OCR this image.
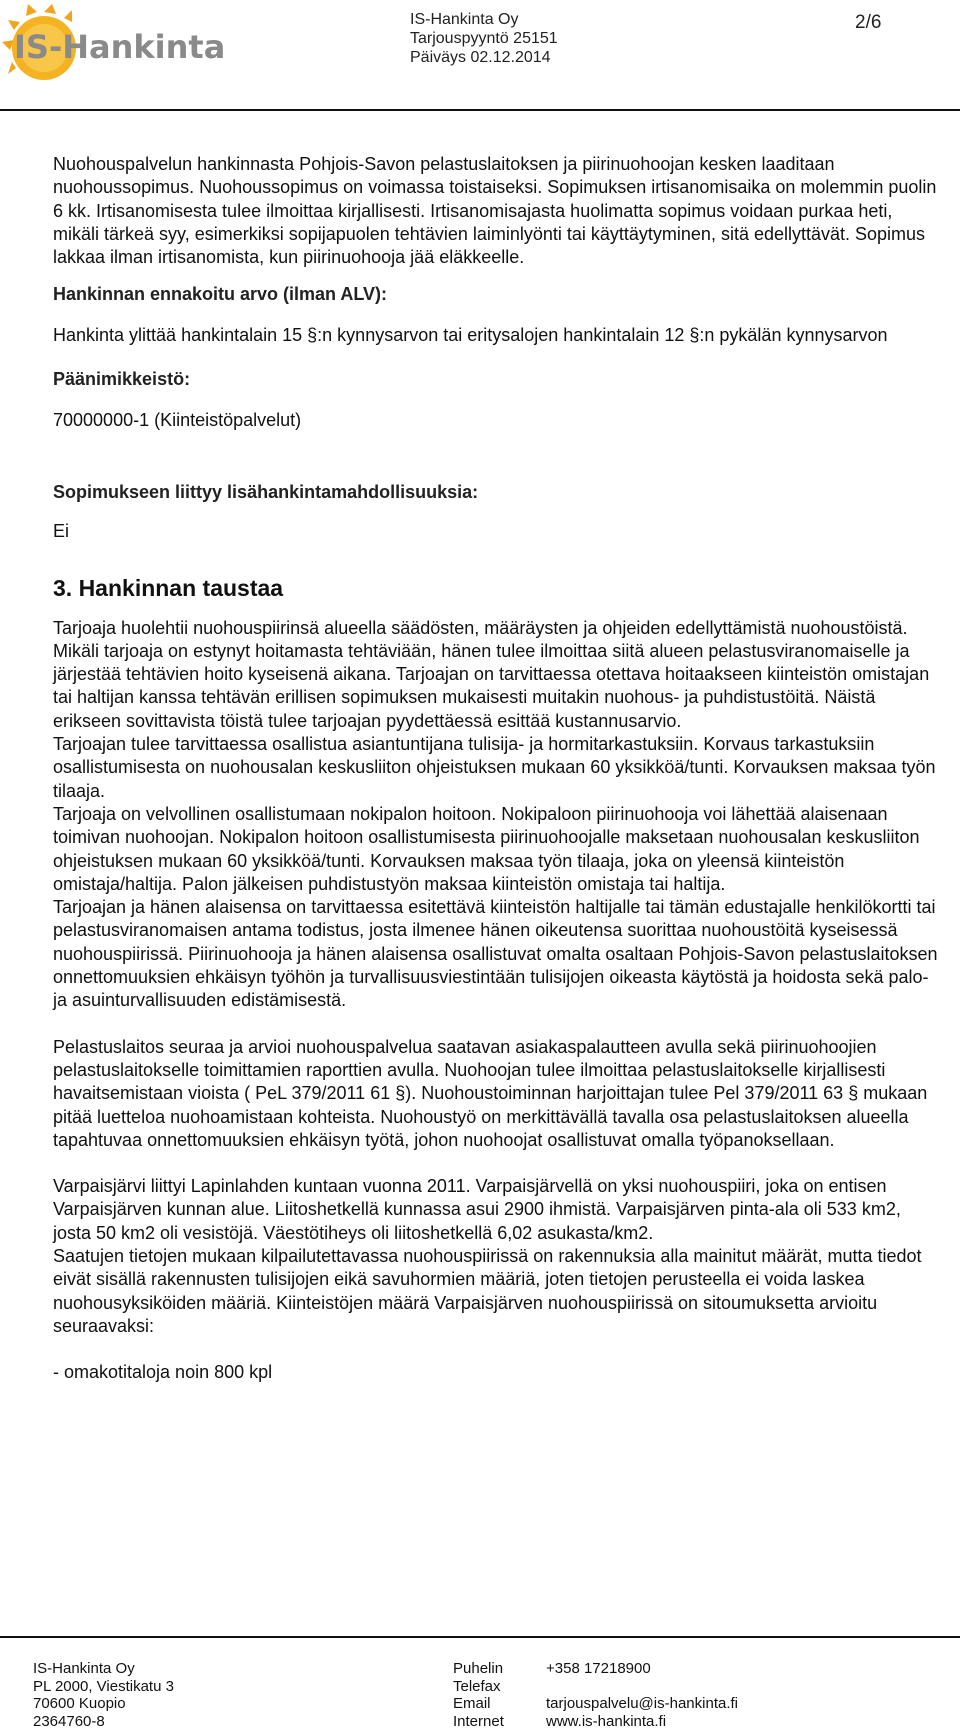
IS-Hankinta
IS-Hankinta Oy
Tarjouspyyntö 25151
Päiväys 02.12.2014
2/6

Nuohouspalvelun hankinnasta Pohjois-Savon pelastuslaitoksen ja piirinuohoojan kesken laaditaan nuohoussopimus. Nuohoussopimus on voimassa toistaiseksi. Sopimuksen irtisanomisaika on molemmin puolin 6 kk. Irtisanomisesta tulee ilmoittaa kirjallisesti. Irtisanomisajasta huolimatta sopimus voidaan purkaa heti, mikäli tärkeä syy, esimerkiksi sopijapuolen tehtävien laiminlyönti tai käyttäytyminen, sitä edellyttävät. Sopimus lakkaa ilman irtisanomista, kun piirinuohooja jää eläkkeelle.

Hankinnan ennakoitu arvo (ilman ALV):

Hankinta ylittää hankintalain 15 §:n kynnysarvon tai eritysalojen hankintalain 12 §:n pykälän kynnysarvon

Päänimikkeistö:

70000000-1 (Kiinteistöpalvelut)

Sopimukseen liittyy lisähankintamahdollisuuksia:

Ei

3. Hankinnan taustaa

Tarjoaja huolehtii nuohouspiirinsä alueella säädösten, määräysten ja ohjeiden edellyttämistä nuohoustöistä. Mikäli tarjoaja on estynyt hoitamasta tehtäviään, hänen tulee ilmoittaa siitä alueen pelastusviranomaiselle ja järjestää tehtävien hoito kyseisenä aikana. Tarjoajan on tarvittaessa otettava hoitaakseen kiinteistön omistajan tai haltijan kanssa tehtävän erillisen sopimuksen mukaisesti muitakin nuohous- ja puhdistustöitä. Näistä erikseen sovittavista töistä tulee tarjoajan pyydettäessä esittää kustannusarvio.

Tarjoajan tulee tarvittaessa osallistua asiantuntijana tulisija- ja hormitarkastuksiin. Korvaus tarkastuksiin osallistumisesta on nuohousalan keskusliiton ohjeistuksen mukaan 60 yksikköä/tunti. Korvauksen maksaa työn tilaaja.

Tarjoaja on velvollinen osallistumaan nokipalon hoitoon. Nokipaloon piirinuohooja voi lähettää alaisenaan toimivan nuohoojan. Nokipalon hoitoon osallistumisesta piirinuohoojalle maksetaan nuohousalan keskusliiton ohjeistuksen mukaan 60 yksikköä/tunti. Korvauksen maksaa työn tilaaja, joka on yleensä kiinteistön omistaja/haltija. Palon jälkeisen puhdistustyön maksaa kiinteistön omistaja tai haltija.

Tarjoajan ja hänen alaisensa on tarvittaessa esitettävä kiinteistön haltijalle tai tämän edustajalle henkilökortti tai pelastusviranomaisen antama todistus, josta ilmenee hänen oikeutensa suorittaa nuohoustöitä kyseisessä nuohouspiirissä. Piirinuohooja ja hänen alaisensa osallistuvat omalta osaltaan Pohjois-Savon pelastuslaitoksen onnettomuuksien ehkäisyn työhön ja turvallisuusviestintään tulisijojen oikeasta käytöstä ja hoidosta sekä palo- ja asuinturvallisuuden edistämisestä.

Pelastuslaitos seuraa ja arvioi nuohouspalvelua saatavan asiakaspalautteen avulla sekä piirinuohoojien pelastuslaitokselle toimittamien raporttien avulla. Nuohoojan tulee ilmoittaa pelastuslaitokselle kirjallisesti havaitsemistaan vioista ( PeL 379/2011 61 §). Nuohoustoiminnan harjoittajan tulee Pel 379/2011 63 § mukaan pitää luetteloa nuohoamistaan kohteista. Nuohoustyö on merkittävällä tavalla osa pelastuslaitoksen alueella tapahtuvaa onnettomuuksien ehkäisyn työtä, johon nuohoojat osallistuvat omalla työpanoksellaan.

Varpaisjärvi liittyi Lapinlahden kuntaan vuonna 2011. Varpaisjärvellä on yksi nuohouspiiri, joka on entisen Varpaisjärven kunnan alue. Liitoshetkellä kunnassa asui 2900 ihmistä. Varpaisjärven pinta-ala oli 533 km2, josta 50 km2 oli vesistöjä. Väestötiheys oli liitoshetkellä 6,02 asukasta/km2.

Saatujen tietojen mukaan kilpailutettavassa nuohouspiirissä on rakennuksia alla mainitut määrät, mutta tiedot eivät sisällä rakennusten tulisijojen eikä savuhormien määriä, joten tietojen perusteella ei voida laskea nuohousyksiköiden määriä. Kiinteistöjen määrä Varpaisjärven nuohouspiirissä on sitoumuksetta arvioitu seuraavaksi:

- omakotitaloja noin 800 kpl

IS-Hankinta Oy
PL 2000, Viestikatu 3
70600 Kuopio
2364760-8
Puhelin
Telefax
Email
Internet
+358 17218900
tarjouspalvelu@is-hankinta.fi
www.is-hankinta.fi
